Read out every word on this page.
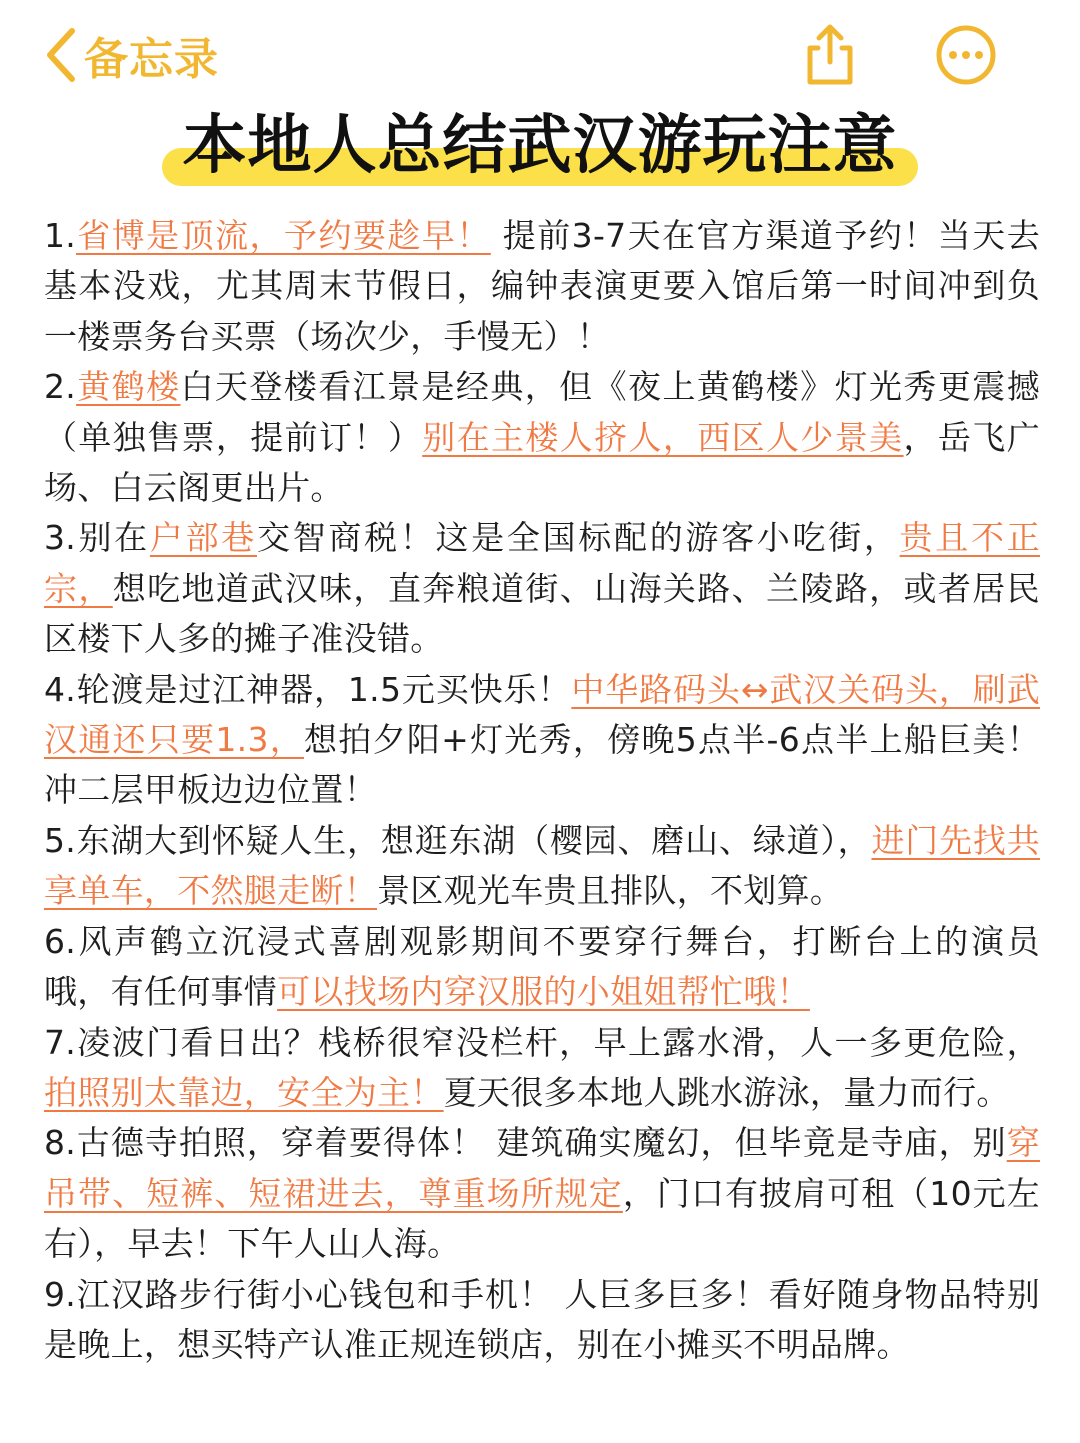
备忘录
本地人总结武汉游玩注意

1.省博是顶流，予约要趁早！ 提前3-7天在官方渠道予约！当天去基本没戏，尤其周末节假日，编钟表演更要入馆后第一时间冲到负一楼票务台买票（场次少，手慢无）！

2.黄鹤楼白天登楼看江景是经典，但《夜上黄鹤楼》灯光秀更震撼（单独售票，提前订！）别在主楼人挤人，西区人少景美，岳飞广场、白云阁更出片。

3.别在户部巷交智商税！这是全国标配的游客小吃街，贵且不正宗，想吃地道武汉味，直奔粮道街、山海关路、兰陵路，或者居民区楼下人多的摊子准没错。

4.轮渡是过江神器，1.5元买快乐！中华路码头↔武汉关码头，刷武汉通还只要1.3，想拍夕阳+灯光秀，傍晚5点半-6点半上船巨美！冲二层甲板边边位置！

5.东湖大到怀疑人生，想逛东湖（樱园、磨山、绿道），进门先找共享单车，不然腿走断！景区观光车贵且排队，不划算。

6.风声鹤立沉浸式喜剧观影期间不要穿行舞台，打断台上的演员哦，有任何事情可以找场内穿汉服的小姐姐帮忙哦！

7.凌波门看日出？栈桥很窄没栏杆，早上露水滑，人一多更危险，拍照别太靠边，安全为主！夏天很多本地人跳水游泳，量力而行。

8.古德寺拍照，穿着要得体！ 建筑确实魔幻，但毕竟是寺庙，别穿吊带、短裤、短裙进去，尊重场所规定，门口有披肩可租（10元左右），早去！下午人山人海。

9.江汉路步行街小心钱包和手机！ 人巨多巨多！看好随身物品特别是晚上，想买特产认准正规连锁店，别在小摊买不明品牌。
